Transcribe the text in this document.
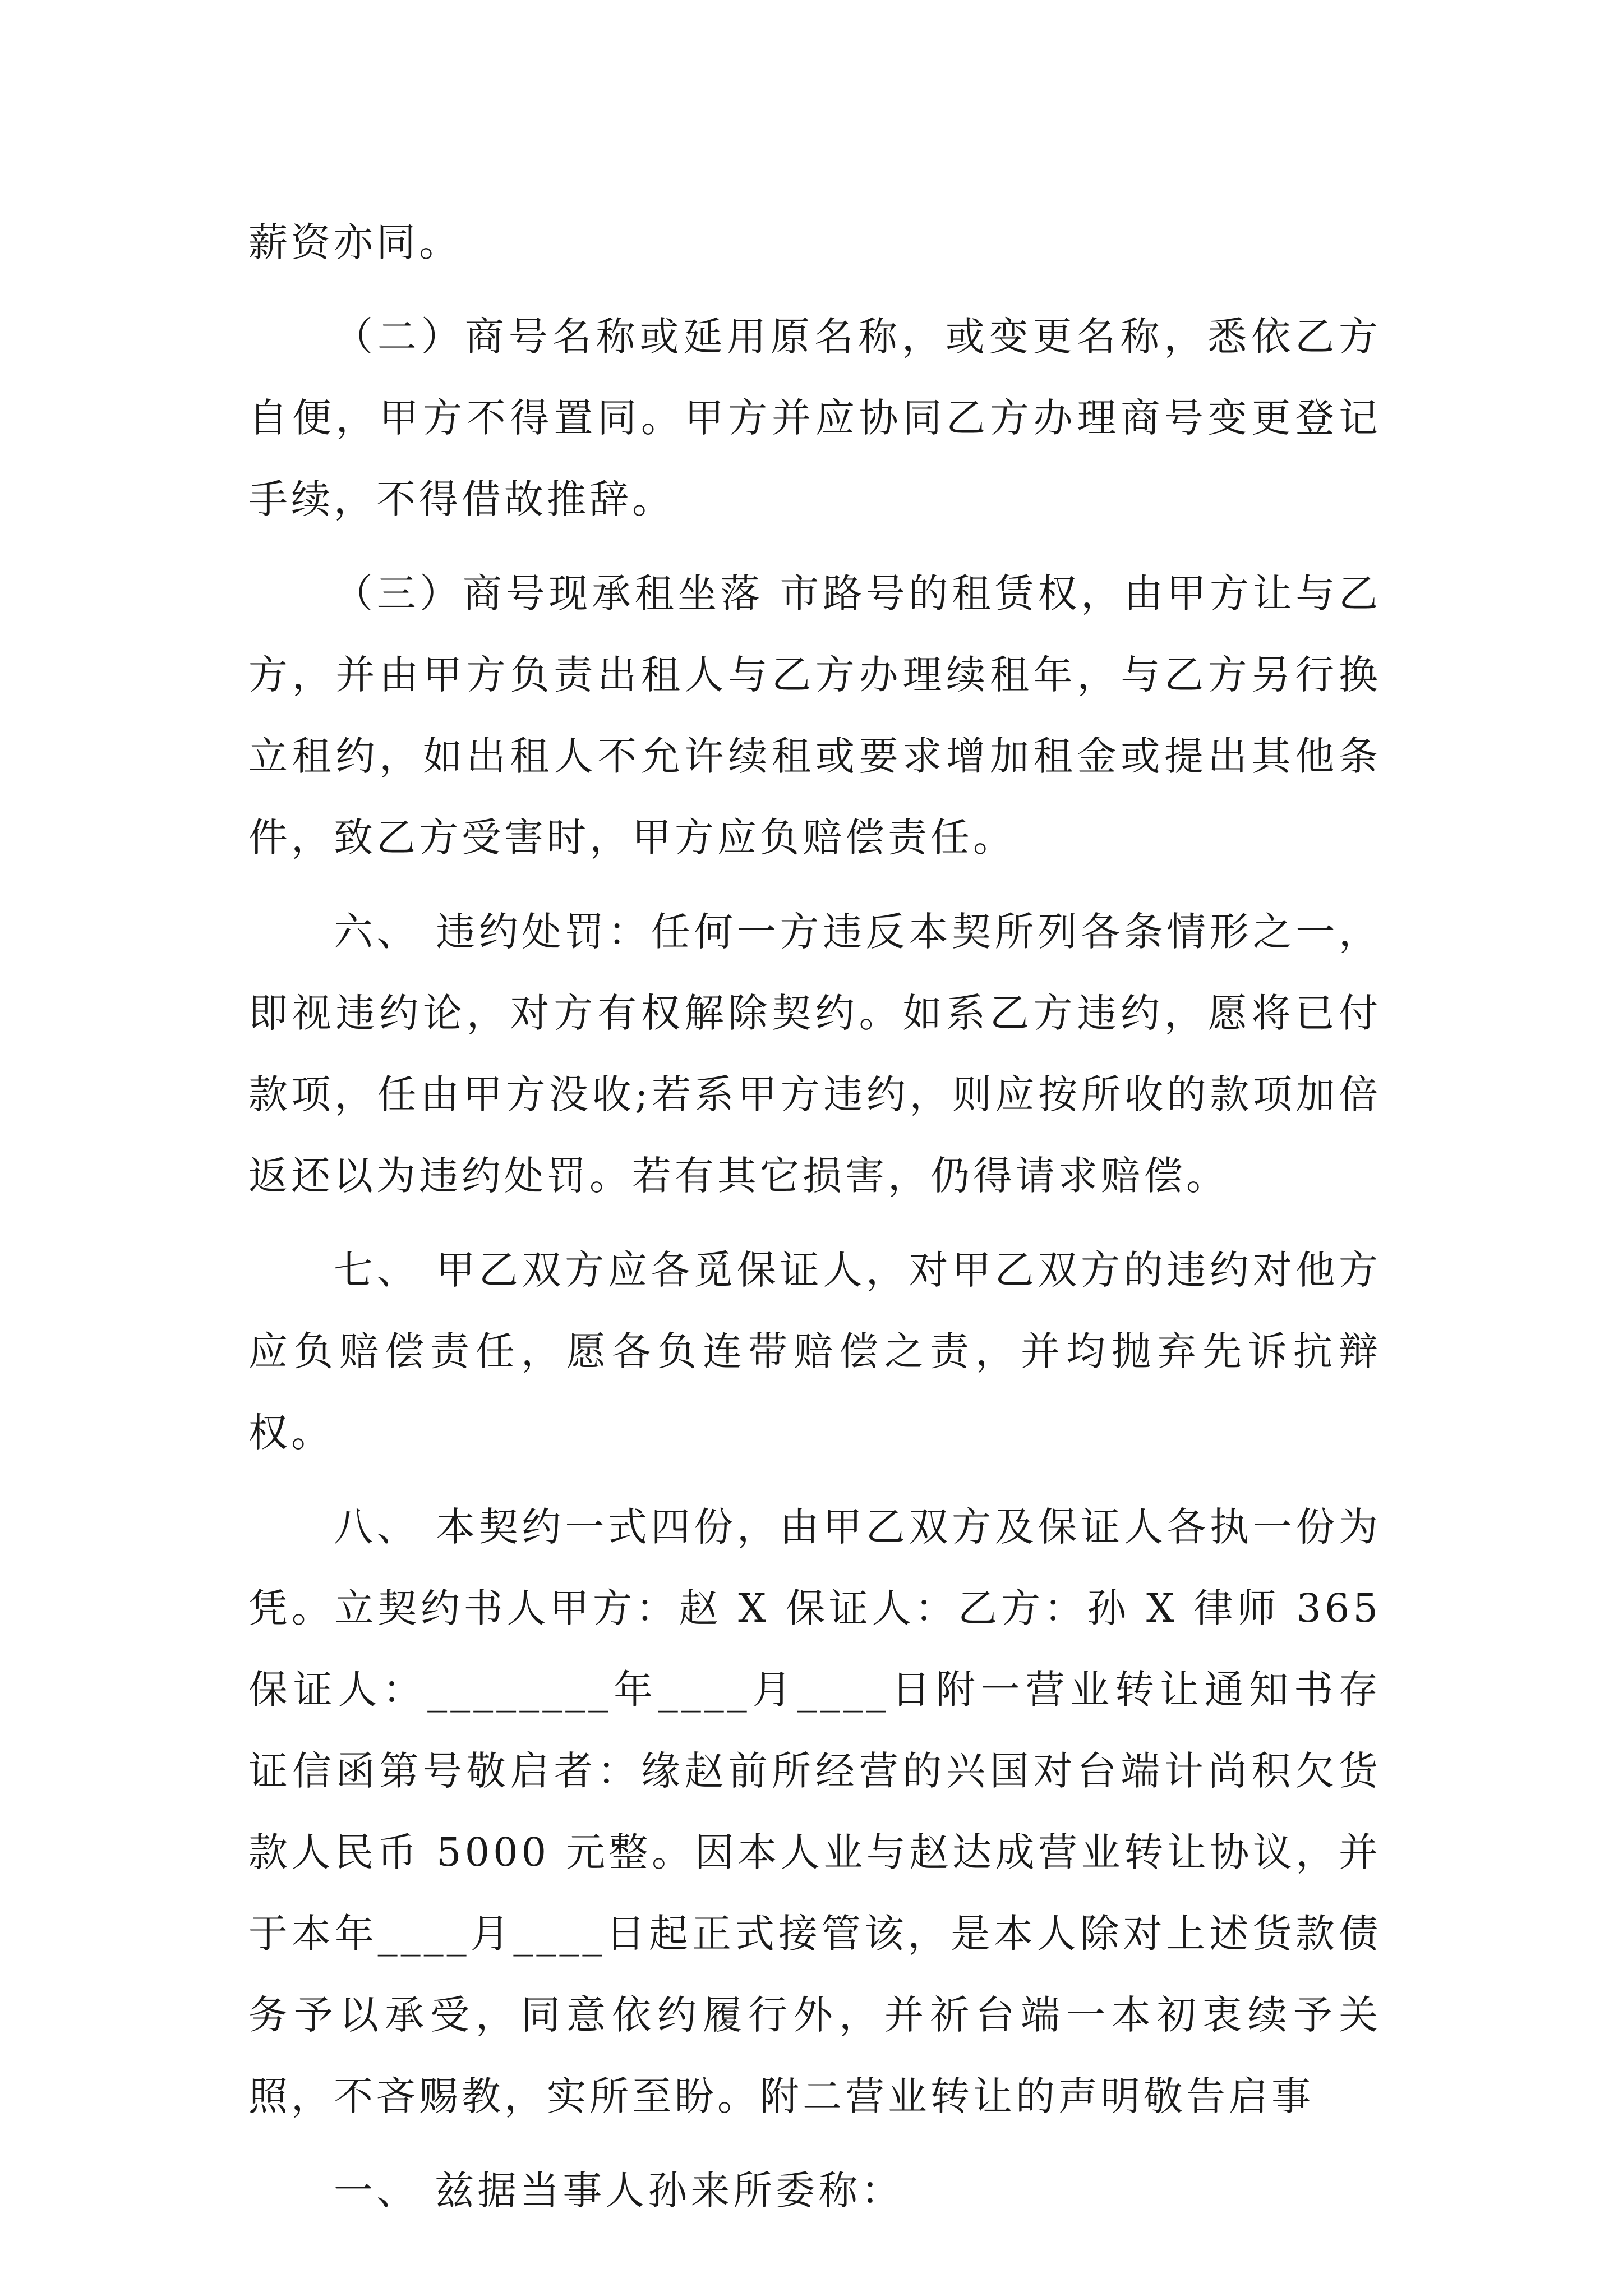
薪资亦同。

（二）商号名称或延用原名称，或变更名称，悉依乙方自便，甲方不得置同。甲方并应协同乙方办理商号变更登记手续，不得借故推辞。

（三）商号现承租坐落 市路号的租赁权，由甲方让与乙方，并由甲方负责出租人与乙方办理续租年，与乙方另行换立租约，如出租人不允许续租或要求增加租金或提出其他条件，致乙方受害时，甲方应负赔偿责任。

六、 违约处罚：任何一方违反本契所列各条情形之一，即视违约论，对方有权解除契约。如系乙方违约，愿将已付款项，任由甲方没收;若系甲方违约，则应按所收的款项加倍返还以为违约处罚。若有其它损害，仍得请求赔偿。

七、 甲乙双方应各觅保证人，对甲乙双方的违约对他方应负赔偿责任，愿各负连带赔偿之责，并均抛弃先诉抗辩权。

八、 本契约一式四份，由甲乙双方及保证人各执一份为凭。立契约书人甲方：赵 X 保证人：乙方：孙 X 律师 365 保证人：________年____月____日附一营业转让通知书存证信函第号敬启者：缘赵前所经营的兴国对台端计尚积欠货款人民币 5000 元整。因本人业与赵达成营业转让协议，并于本年____月____日起正式接管该，是本人除对上述货款债务予以承受，同意依约履行外，并祈台端一本初衷续予关照，不吝赐教，实所至盼。附二营业转让的声明敬告启事

一、 兹据当事人孙来所委称：
